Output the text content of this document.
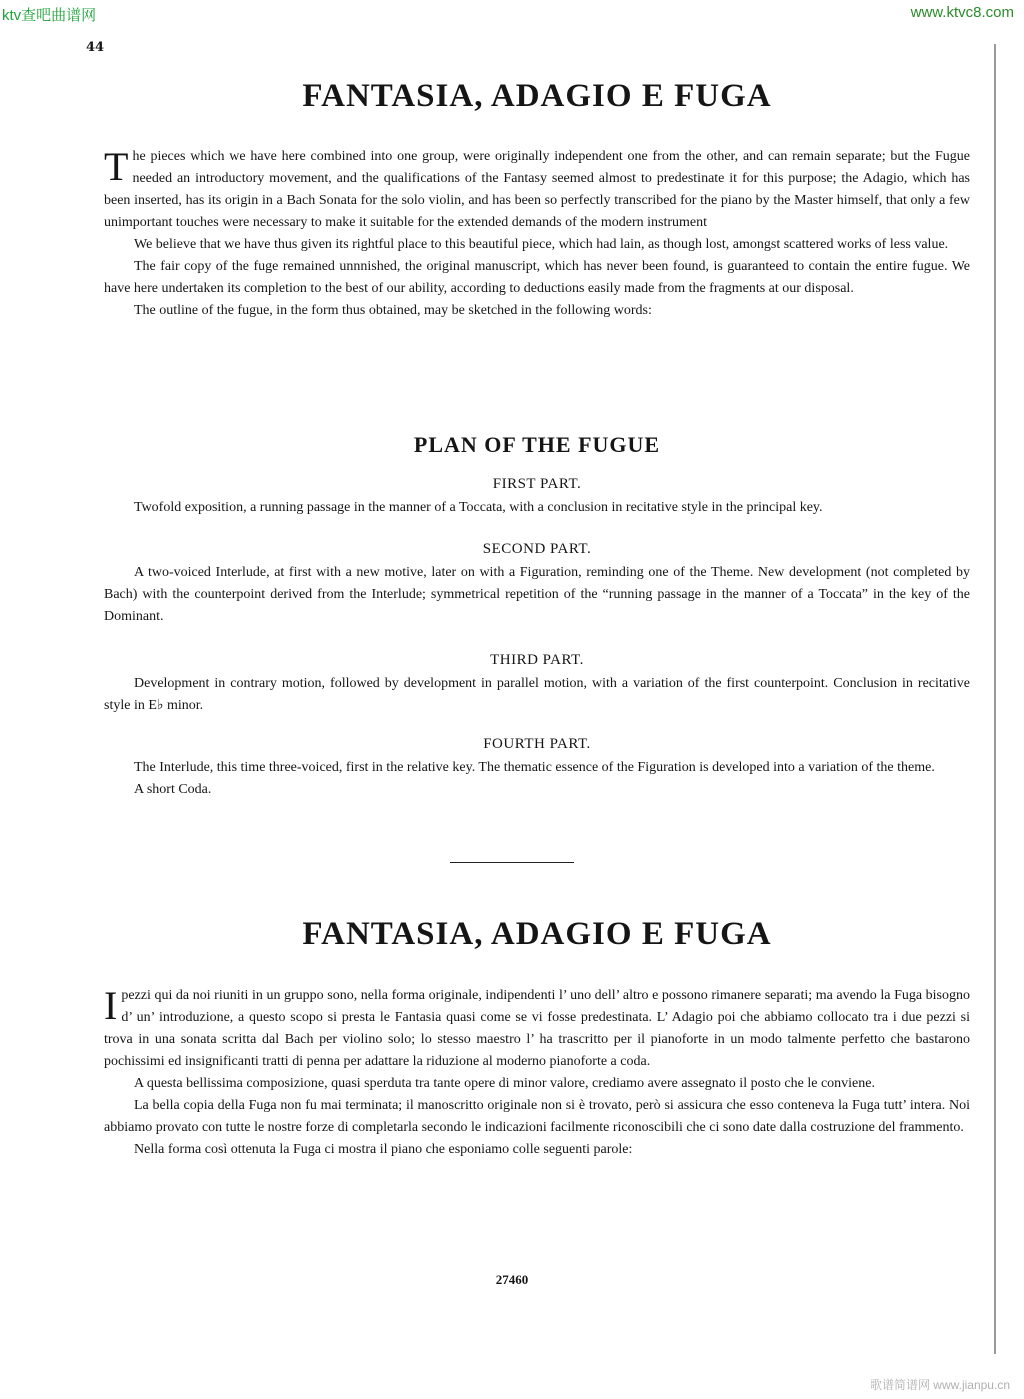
ktv查吧曲谱网	www.ktvc8.com
44
FANTASIA, ADAGIO E FUGA

The pieces which we have here combined into one group, were originally independent one from the other, and can remain separate; but the Fugue needed an introductory movement, and the qualifications of the Fantasy seemed almost to predestinate it for this purpose; the Adagio, which has been inserted, has its origin in a Bach Sonata for the solo violin, and has been so perfectly transcribed for the piano by the Master himself, that only a few unimportant touches were necessary to make it suitable for the extended demands of the modern instrument

We believe that we have thus given its rightful place to this beautiful piece, which had lain, as though lost, amongst scattered works of less value.

The fair copy of the fuge remained unnnished, the original manuscript, which has never been found, is guaranteed to contain the entire fugue. We have here undertaken its completion to the best of our ability, according to deductions easily made from the fragments at our disposal.

The outline of the fugue, in the form thus obtained, may be sketched in the following words:

PLAN OF THE FUGUE
FIRST PART.

Twofold exposition, a running passage in the manner of a Toccata, with a conclusion in recitative style in the principal key.

SECOND PART.

A two-voiced Interlude, at first with a new motive, later on with a Figuration, reminding one of the Theme. New development (not completed by Bach) with the counterpoint derived from the Interlude; symmetrical repetition of the “running passage in the manner of a Toccata” in the key of the Dominant.

THIRD PART.

Development in contrary motion, followed by development in parallel motion, with a variation of the first counterpoint. Conclusion in recitative style in E♭ minor.

FOURTH PART.

The Interlude, this time three-voiced, first in the relative key. The thematic essence of the Figuration is developed into a variation of the theme.

A short Coda.

FANTASIA, ADAGIO E FUGA

Ipezzi qui da noi riuniti in un gruppo sono, nella forma originale, indipendenti l’ uno dell’ altro e possono rimanere separati; ma avendo la Fuga bisogno d’ un’ introduzione, a questo scopo si presta le Fantasia quasi come se vi fosse predestinata. L’ Adagio poi che abbiamo collocato tra i due pezzi si trova in una sonata scritta dal Bach per violino solo; lo stesso maestro l’ ha trascritto per il pianoforte in un modo talmente perfetto che bastarono pochissimi ed insignificanti tratti di penna per adattare la riduzione al moderno pianoforte a coda.

A questa bellissima composizione, quasi sperduta tra tante opere di minor valore, crediamo avere assegnato il posto che le conviene.

La bella copia della Fuga non fu mai terminata; il manoscritto originale non si è trovato, però si assicura che esso conteneva la Fuga tutt’ intera. Noi abbiamo provato con tutte le nostre forze di completarla secondo le indicazioni facilmente riconoscibili che ci sono date dalla costruzione del frammento.

Nella forma così ottenuta la Fuga ci mostra il piano che esponiamo colle seguenti parole:

27460
歌谱简谱网 www.jianpu.cn
